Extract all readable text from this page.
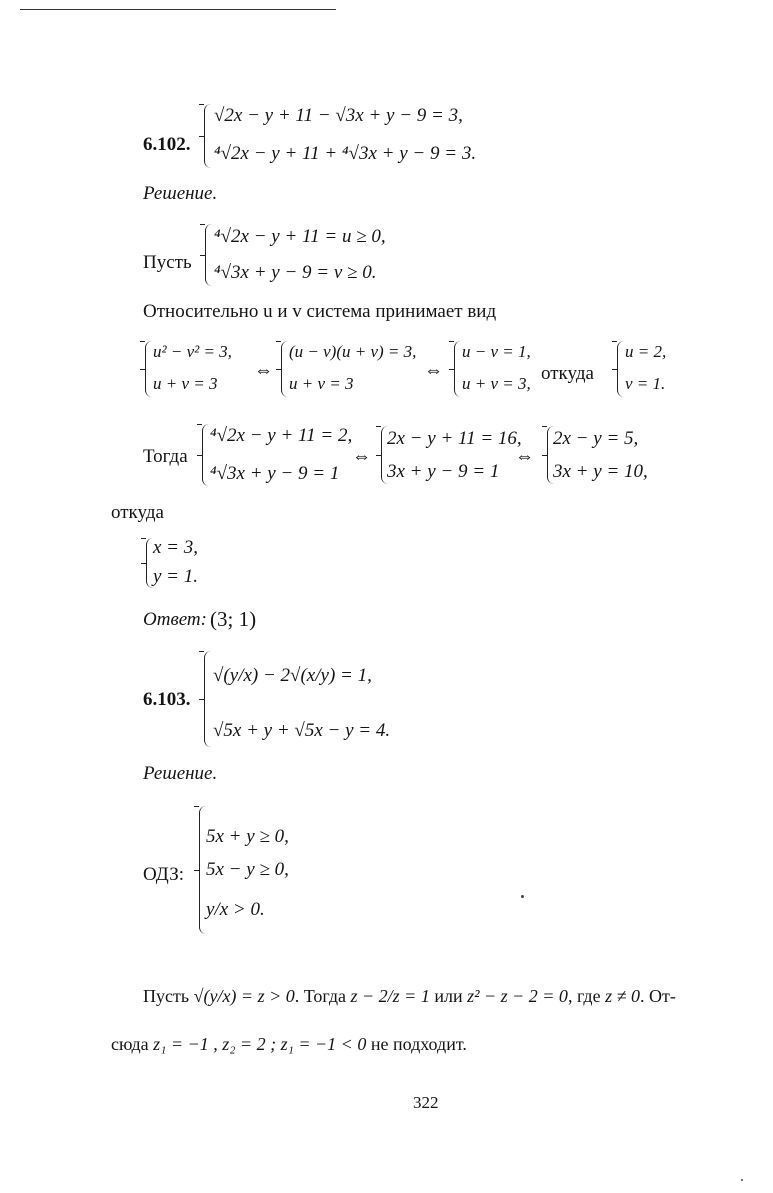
6.102.
√2x − y + 11 − √3x + y − 9 = 3,
⁴√2x − y + 11 + ⁴√3x + y − 9 = 3.
Решение.
Пусть
⁴√2x − y + 11 = u ≥ 0,
⁴√3x + y − 9 = v ≥ 0.
Относительно u и v система принимает вид
u² − v² = 3,
u + v = 3
⇔
(u − v)(u + v) = 3,
u + v = 3
⇔
u − v = 1,
u + v = 3, откуда
u = 2,
v = 1.
Тогда
⁴√2x − y + 11 = 2,
⁴√3x + y − 9 = 1
⇔
2x − y + 11 = 16,
3x + y − 9 = 1
⇔
2x − y = 5,
3x + y = 10,
откуда
x = 3,
y = 1.
Ответ: (3; 1)
6.103.
√(y/x) − 2√(x/y) = 1,
√5x + y + √5x − y = 4.
Решение.
ОДЗ:
5x + y ≥ 0,
5x − y ≥ 0,
y/x > 0.
Пусть √(y/x) = z > 0. Тогда z − 2/z = 1 или z² − z − 2 = 0, где z ≠ 0. От-
сюда z₁ = −1 , z₂ = 2 ; z₁ = −1 < 0 не подходит.
322
